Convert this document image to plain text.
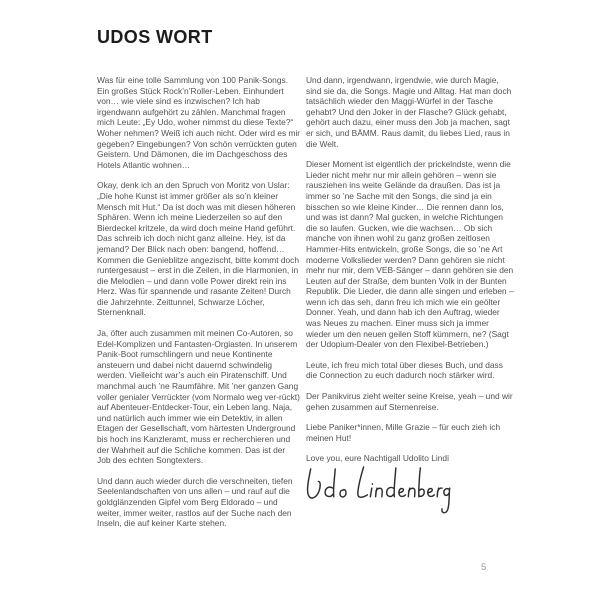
UDOS WORT

Was für eine tolle Sammlung von 100 Panik-Songs. Ein großes Stück Rock’n’Roller-Leben. Einhundert von… wie viele sind es inzwischen? Ich hab irgendwann aufgehört zu zählen. Manchmal fragen mich Leute: „Ey Udo, woher nimmst du diese Texte?“ Woher nehmen? Weiß ich auch nicht. Oder wird es mir gegeben? Eingebungen? Von schön verrückten guten Geistern. Und Dämonen, die im Dachgeschoss des Hotels Atlantic wohnen…

Okay, denk ich an den Spruch von Moritz von Uslar: „Die hohe Kunst ist immer größer als so’n kleiner Mensch mit Hut.“ Da ist doch was mit diesen höheren Sphären. Wenn ich meine Liederzeilen so auf den Bierdeckel kritzele, da wird doch meine Hand geführt. Das schreib ich doch nicht ganz alleine. Hey, ist da jemand? Der Blick nach oben: bangend, hoffend… Kommen die Genieblitze angezischt, bitte kommt doch runtergesaust – erst in die Zeilen, in die Harmonien, in die Melodien – und dann volle Power direkt rein ins Herz. Was für spannende und rasante Zeiten! Durch die Jahrzehnte. Zeittunnel, Schwarze Löcher, Sternenknall.

Ja, öfter auch zusammen mit meinen Co-Autoren, so Edel-Komplizen und Fantasten-Orgiasten. In unserem Panik-Boot rumschlingern und neue Kontinente ansteuern und dabei nicht dauernd schwindelig werden. Vielleicht war’s auch ein Piratenschiff. Und manchmal auch ’ne Raumfähre. Mit ’ner ganzen Gang voller genialer Verrückter (vom Normalo weg ver-rückt) auf Abenteuer-Entdecker-Tour, ein Leben lang. Naja, und natürlich auch immer wie ein Detektiv, in allen Etagen der Gesellschaft, vom härtesten Underground bis hoch ins Kanzleramt, muss er recherchieren und der Wahrheit auf die Schliche kommen. Das ist der Job des echten Songtexters.

Und dann auch wieder durch die verschneiten, tiefen Seelenlandschaften von uns allen – und rauf auf die goldglänzenden Gipfel vom Berg Eldorado – und weiter, immer weiter, rastlos auf der Suche nach den Inseln, die auf keiner Karte stehen.

Und dann, irgendwann, irgendwie, wie durch Magie, sind sie da, die Songs. Magie und Alltag. Hat man doch tatsächlich wieder den Maggi-Würfel in der Tasche gehabt? Und den Joker in der Flasche? Glück gehabt, gehört auch dazu, einer muss den Job ja machen, sagt er sich, und BÄMM. Raus damit, du liebes Lied, raus in die Welt.

Dieser Moment ist eigentlich der prickelndste, wenn die Lieder nicht mehr nur mir allein gehören – wenn sie rausziehen ins weite Gelände da draußen. Das ist ja immer so ’ne Sache mit den Songs, die sind ja ein bisschen so wie kleine Kinder… Die rennen dann los, und was ist dann? Mal gucken, in welche Richtungen die so laufen. Gucken, wie die wachsen… Ob sich manche von ihnen wohl zu ganz großen zeitlosen Hammer-Hits entwickeln, große Songs, die so ’ne Art moderne Volkslieder werden? Dann gehören sie nicht mehr nur mir, dem VEB-Sänger – dann gehören sie den Leuten auf der Straße, dem bunten Volk in der Bunten Republik. Die Lieder, die dann alle singen und erleben – wenn ich das seh, dann freu ich mich wie ein geölter Donner. Yeah, und dann hab ich den Auftrag, wieder was Neues zu machen. Einer muss sich ja immer wieder um den neuen geilen Stoff kümmern, ne? (Sagt der Udopium-Dealer von den Flexibel-Betrieben.)

Leute, ich freu mich total über dieses Buch, und dass die Connection zu euch dadurch noch stärker wird.

Der Panikvirus zieht weiter seine Kreise, yeah – und wir gehen zusammen auf Sternenreise.

Liebe Paniker*innen, Mille Grazie – für euch zieh ich meinen Hut!

Love you, eure Nachtigall Udolito Lindi

5
